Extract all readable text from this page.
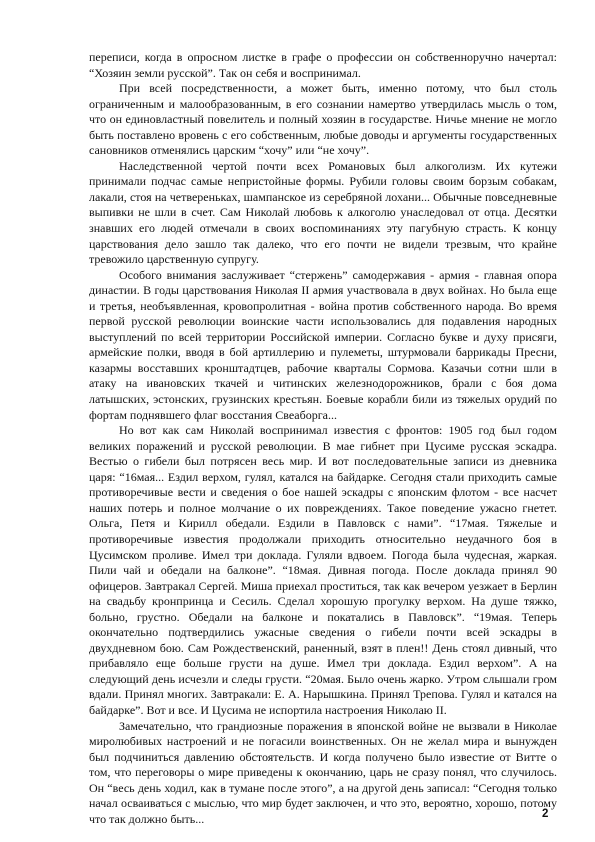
переписи, когда в опросном листке в графе о профессии он собственноручно начертал: “Хозяин земли русской”. Так он себя и воспринимал.

При всей посредственности, а может быть, именно потому, что был столь ограниченным и малообразованным, в его сознании намертво утвердилась мысль о том, что он единовластный повелитель и полный хозяин в государстве. Ничье мнение не могло быть поставлено вровень с его собственным, любые доводы и аргументы государственных сановников отменялись царским “хочу” или “не хочу”.

Наследственной чертой почти всех Романовых был алкоголизм. Их кутежи принимали подчас самые непристойные формы. Рубили головы своим борзым собакам, лакали, стоя на четвереньках, шампанское из серебряной лохани... Обычные повседневные выпивки не шли в счет. Сам Николай любовь к алкоголю унаследовал от отца. Десятки знавших его людей отмечали в своих воспоминаниях эту пагубную страсть. К концу царствования дело зашло так далеко, что его почти не видели трезвым, что крайне тревожило царственную супругу.

Особого внимания заслуживает “стержень” самодержавия - армия - главная опора династии. В годы царствования Николая II армия участвовала в двух войнах. Но была еще и третья, необъявленная, кровопролитная - война против собственного народа. Во время первой русской революции воинские части использовались для подавления народных выступлений по всей территории Российской империи. Согласно букве и духу присяги, армейские полки, вводя в бой артиллерию и пулеметы, штурмовали баррикады Пресни, казармы восставших кронштадтцев, рабочие кварталы Сормова. Казачьи сотни шли в атаку на ивановских ткачей и читинских железнодорожников, брали с боя дома латышских, эстонских, грузинских крестьян. Боевые корабли били из тяжелых орудий по фортам поднявшего флаг восстания Свеаборга...

Но вот как сам Николай воспринимал известия с фронтов: 1905 год был годом великих поражений и русской революции. В мае гибнет при Цусиме русская эскадра. Вестью о гибели был потрясен весь мир. И вот последовательные записи из дневника царя: “16мая... Ездил верхом, гулял, катался на байдарке. Сегодня стали приходить самые противоречивые вести и сведения о бое нашей эскадры с японским флотом - все насчет наших потерь и полное молчание о их повреждениях. Такое поведение ужасно гнетет. Ольга, Петя и Кирилл обедали. Ездили в Павловск с нами”. “17мая. Тяжелые и противоречивые известия продолжали приходить относительно неудачного боя в Цусимском проливе. Имел три доклада. Гуляли вдвоем. Погода была чудесная, жаркая. Пили чай и обедали на балконе”. “18мая. Дивная погода. После доклада принял 90 офицеров. Завтракал Сергей. Миша приехал проститься, так как вечером уезжает в Берлин на свадьбу кронпринца и Сесиль. Сделал хорошую прогулку верхом. На душе тяжко, больно, грустно. Обедали на балконе и покатались в Павловск”. “19мая. Теперь окончательно подтвердились ужасные сведения о гибели почти всей эскадры в двухдневном бою. Сам Рождественский, раненный, взят в плен!! День стоял дивный, что прибавляло еще больше грусти на душе. Имел три доклада. Ездил верхом”. А на следующий день исчезли и следы грусти. “20мая. Было очень жарко. Утром слышали гром вдали. Принял многих. Завтракали: Е. А. Нарышкина. Принял Трепова. Гулял и катался на байдарке”. Вот и все. И Цусима не испортила настроения Николаю II.

Замечательно, что грандиозные поражения в японской войне не вызвали в Николае миролюбивых настроений и не погасили воинственных. Он не желал мира и вынужден был подчиниться давлению обстоятельств. И когда получено было известие от Витте о том, что переговоры о мире приведены к окончанию, царь не сразу понял, что случилось. Он “весь день ходил, как в тумане после этого”, а на другой день записал: “Сегодня только начал осваиваться с мыслью, что мир будет заключен, и что это, вероятно, хорошо, потому что так должно быть...	2
